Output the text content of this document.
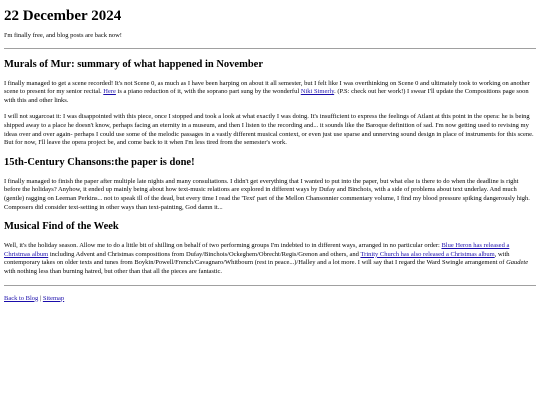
22 December 2024

I'm finally free, and blog posts are back now!

Murals of Mur: summary of what happened in November

I finally managed to get a scene recorded! It's not Scene 0, as much as I have been harping on about it all semester, but I felt like I was overthinking on Scene 0 and ultimately took to working on another scene to present for my senior recital. Here is a piano reduction of it, with the soprano part sung by the wonderful Niki Simerly. (P.S: check out her work!) I swear I'll update the Compositions page soon with this and other links.

I will not sugarcoat it: I was disappointed with this piece, once I stopped and took a look at what exactly I was doing. It's insufficient to express the feelings of Atlant at this point in the opera: he is being shipped away to a place he doesn't know, perhaps facing an eternity in a museum, and then I listen to the recording and... it sounds like the Baroque definition of sad. I'm now getting used to revising my ideas over and over again- perhaps I could use some of the melodic passages in a vastly different musical context, or even just use sparse and unnerving sound design in place of instruments for this scene. But for now, I'll leave the opera project be, and come back to it when I'm less tired from the semester's work.

15th-Century Chansons:the paper is done!

I finally managed to finish the paper after multiple late nights and many consultations. I didn't get everything that I wanted to put into the paper, but what else is there to do when the deadline is right before the holidays? Anyhow, it ended up mainly being about how text-music relations are explored in different ways by Dufay and Binchois, with a side of problems about text underlay. And much (gentle) ragging on Leeman Perkins... not to speak ill of the dead, but every time I read the 'Text' part of the Mellon Chansonnier commentary volume, I find my blood pressure spiking dangerously high. Composers did consider text-setting in other ways than text-painting, God damn it...

Musical Find of the Week

Well, it's the holiday season. Allow me to do a little bit of shilling on behalf of two performing groups I'm indebted to in different ways, arranged in no particular order: Blue Heron has released a Christmas album including Advent and Christmas compositions from Dufay/Binchois/Ockeghem/Obrecht/Regis/Grenon and others, and Trinity Church has also released a Christmas album, with contemporary takes on older texts and tunes from Boykin/Powell/French/Cavagnaro/Whitbourn (rest in peace...)/Halley and a lot more. I will say that I regard the Ward Swingle arrangement of Gaudete with nothing less than burning hatred, but other than that all the pieces are fantastic.

Back to Blog | Sitemap
